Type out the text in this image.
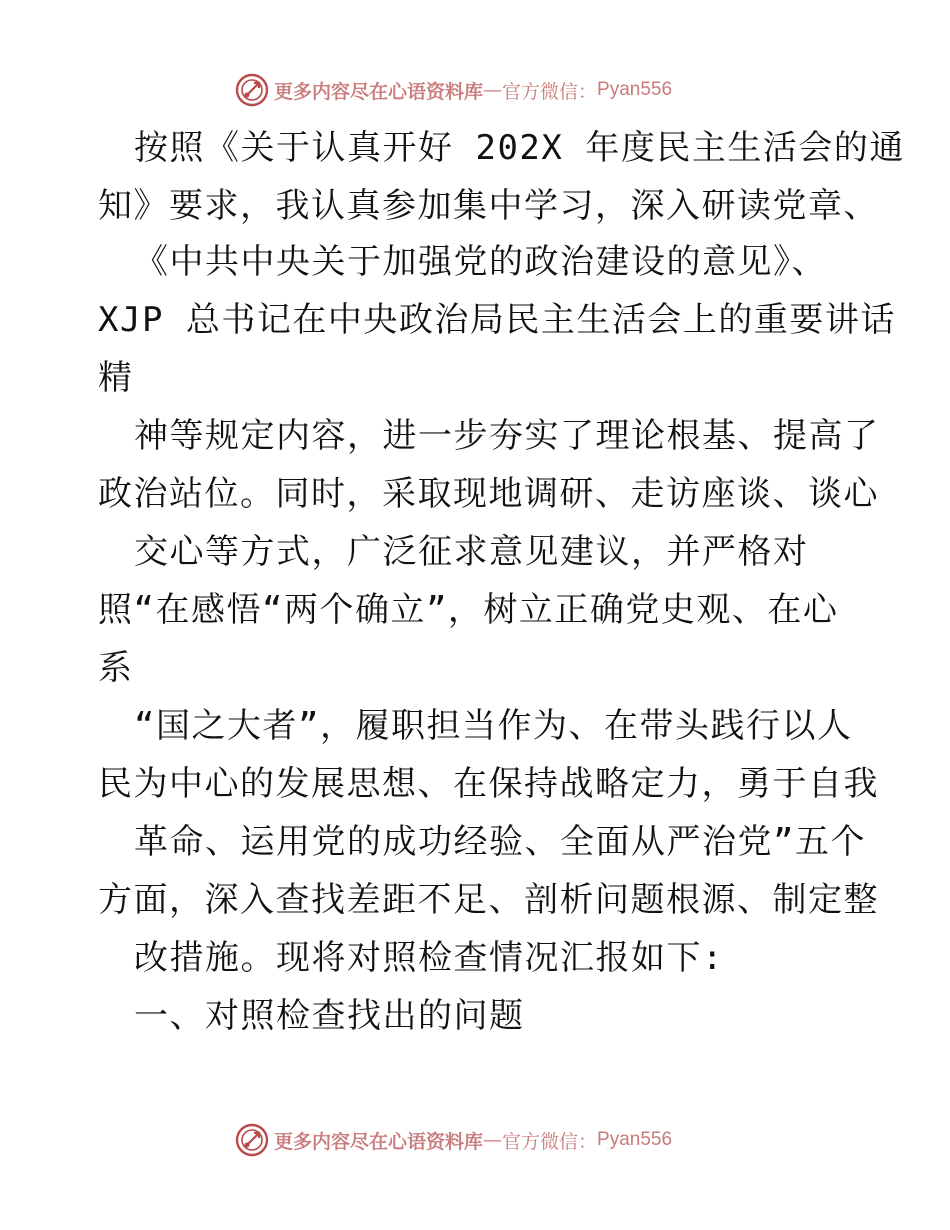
更多内容尽在心语资料库 — 官方微信： Pyan556
按照《关于认真开好 202X 年度民主生活会的通
知》要求，我认真参加集中学习，深入研读党章、
《中共中央关于加强党的政治建设的意见》、
XJP 总书记在中央政治局民主生活会上的重要讲话
精
神等规定内容，进一步夯实了理论根基、提高了
政治站位。同时，采取现地调研、走访座谈、谈心
交心等方式，广泛征求意见建议，并严格对
照“在感悟“两个确立”，树立正确党史观、在心
系
“国之大者”，履职担当作为、在带头践行以人
民为中心的发展思想、在保持战略定力，勇于自我
革命、运用党的成功经验、全面从严治党”五个
方面，深入查找差距不足、剖析问题根源、制定整
改措施。现将对照检查情况汇报如下:
一、对照检查找出的问题
更多内容尽在心语资料库 — 官方微信： Pyan556
